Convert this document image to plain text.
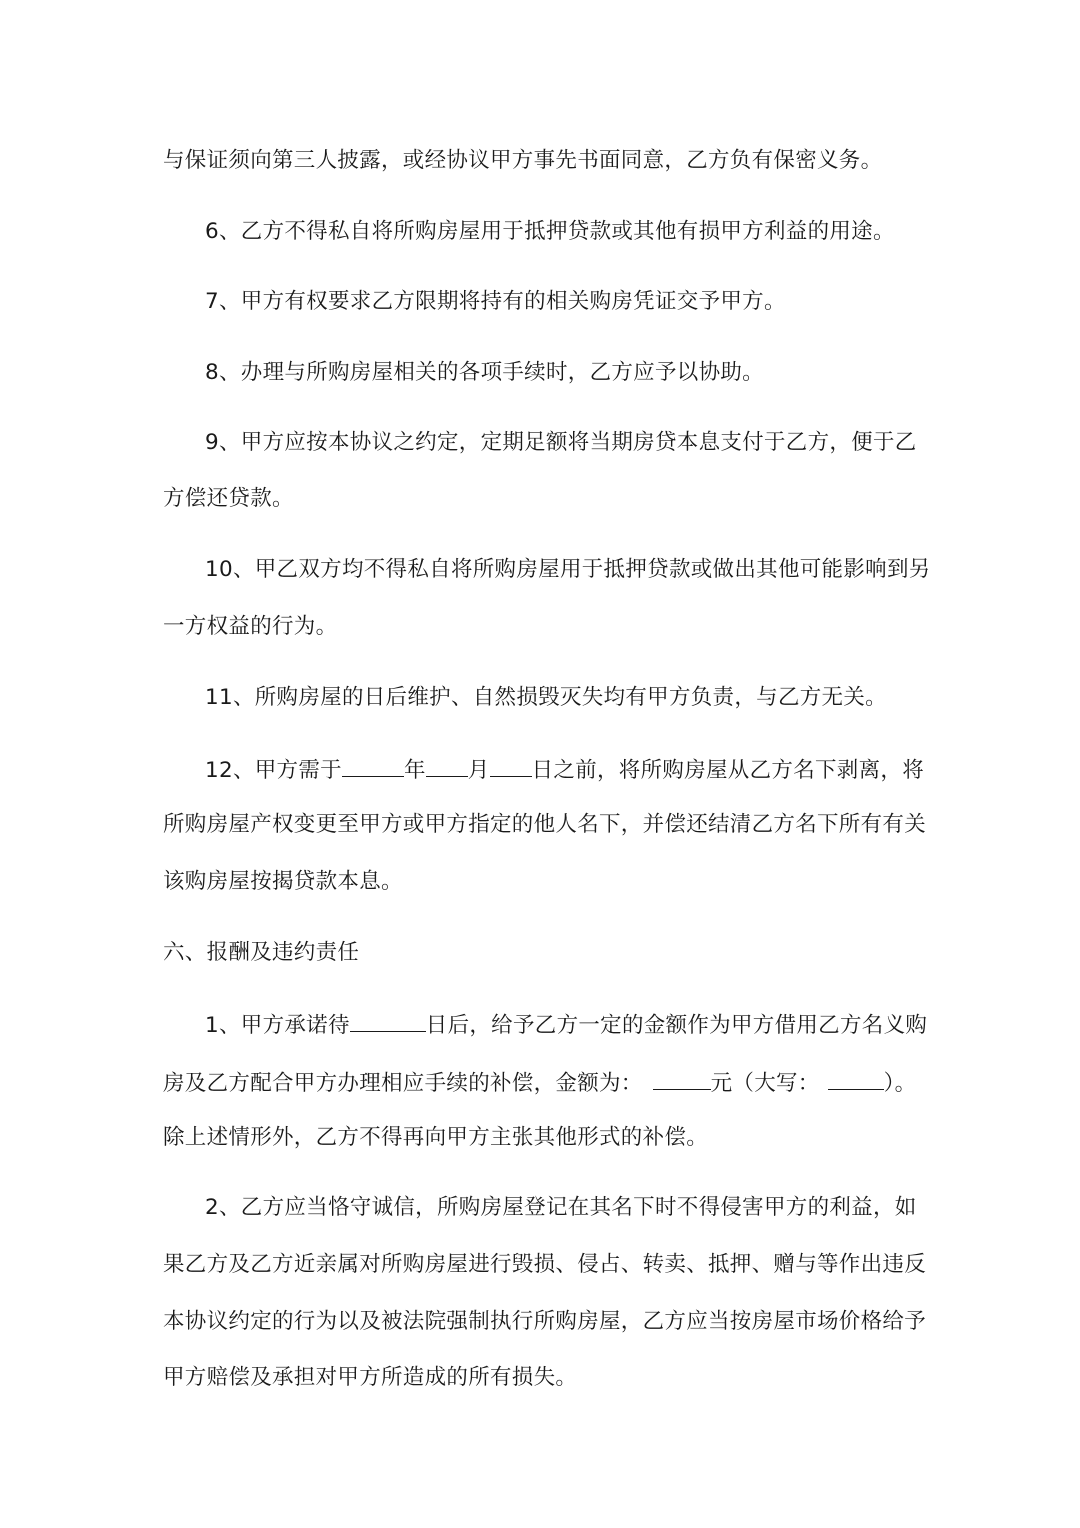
与保证须向第三人披露，或经协议甲方事先书面同意，乙方负有保密义务。
6、乙方不得私自将所购房屋用于抵押贷款或其他有损甲方利益的用途。
7、甲方有权要求乙方限期将持有的相关购房凭证交予甲方。
8、办理与所购房屋相关的各项手续时，乙方应予以协助。
9、甲方应按本协议之约定，定期足额将当期房贷本息支付于乙方，便于乙
方偿还贷款。
10、甲乙双方均不得私自将所购房屋用于抵押贷款或做出其他可能影响到另
一方权益的行为。
11、所购房屋的日后维护、自然损毁灭失均有甲方负责，与乙方无关。
12、甲方需于	年 月 日之前，将所购房屋从乙方名下剥离，将
所购房屋产权变更至甲方或甲方指定的他人名下，并偿还结清乙方名下所有有关
该购房屋按揭贷款本息。
六、报酬及违约责任
1、甲方承诺待	日后，给予乙方一定的金额作为甲方借用乙方名义购
房及乙方配合甲方办理相应手续的补偿，金额为：	元（大写：	）。
除上述情形外，乙方不得再向甲方主张其他形式的补偿。
2、乙方应当恪守诚信，所购房屋登记在其名下时不得侵害甲方的利益，如
果乙方及乙方近亲属对所购房屋进行毁损、侵占、转卖、抵押、赠与等作出违反
本协议约定的行为以及被法院强制执行所购房屋，乙方应当按房屋市场价格给予
甲方赔偿及承担对甲方所造成的所有损失。
